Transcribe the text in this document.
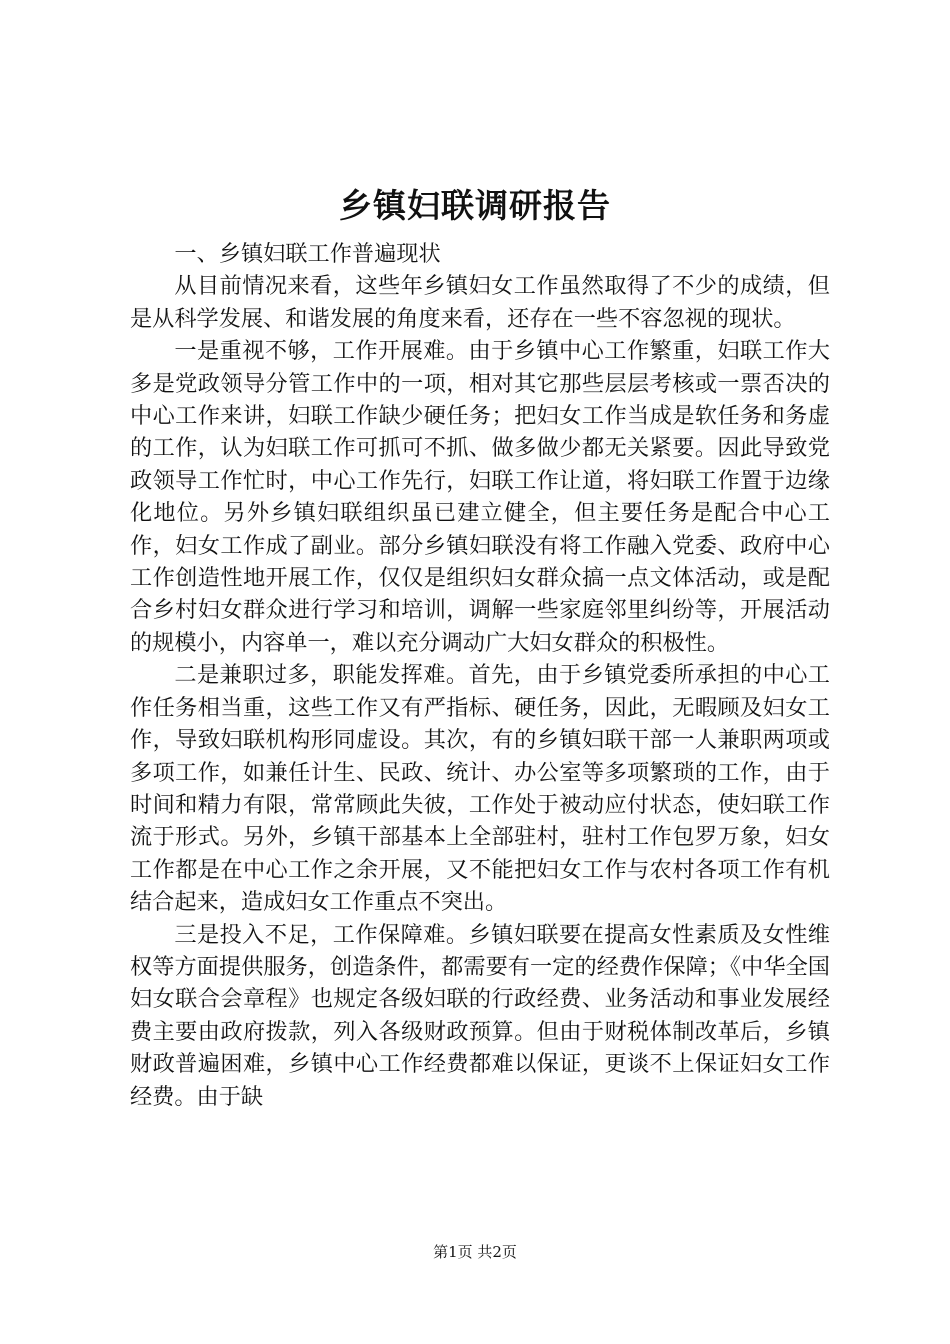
乡镇妇联调研报告

一、乡镇妇联工作普遍现状

从目前情况来看，这些年乡镇妇女工作虽然取得了不少的成绩，但是从科学发展、和谐发展的角度来看，还存在一些不容忽视的现状。

一是重视不够，工作开展难。由于乡镇中心工作繁重，妇联工作大多是党政领导分管工作中的一项，相对其它那些层层考核或一票否决的中心工作来讲，妇联工作缺少硬任务；把妇女工作当成是软任务和务虚的工作，认为妇联工作可抓可不抓、做多做少都无关紧要。因此导致党政领导工作忙时，中心工作先行，妇联工作让道，将妇联工作置于边缘化地位。另外乡镇妇联组织虽已建立健全，但主要任务是配合中心工作，妇女工作成了副业。部分乡镇妇联没有将工作融入党委、政府中心工作创造性地开展工作，仅仅是组织妇女群众搞一点文体活动，或是配合乡村妇女群众进行学习和培训，调解一些家庭邻里纠纷等，开展活动的规模小，内容单一，难以充分调动广大妇女群众的积极性。

二是兼职过多，职能发挥难。首先，由于乡镇党委所承担的中心工作任务相当重，这些工作又有严指标、硬任务，因此，无暇顾及妇女工作，导致妇联机构形同虚设。其次，有的乡镇妇联干部一人兼职两项或多项工作，如兼任计生、民政、统计、办公室等多项繁琐的工作，由于时间和精力有限，常常顾此失彼，工作处于被动应付状态，使妇联工作流于形式。另外，乡镇干部基本上全部驻村，驻村工作包罗万象，妇女工作都是在中心工作之余开展，又不能把妇女工作与农村各项工作有机结合起来，造成妇女工作重点不突出。

三是投入不足，工作保障难。乡镇妇联要在提高女性素质及女性维权等方面提供服务，创造条件，都需要有一定的经费作保障；《中华全国妇女联合会章程》也规定各级妇联的行政经费、业务活动和事业发展经费主要由政府拨款，列入各级财政预算。但由于财税体制改革后，乡镇财政普遍困难，乡镇中心工作经费都难以保证，更谈不上保证妇女工作经费。由于缺

第1页 共2页
